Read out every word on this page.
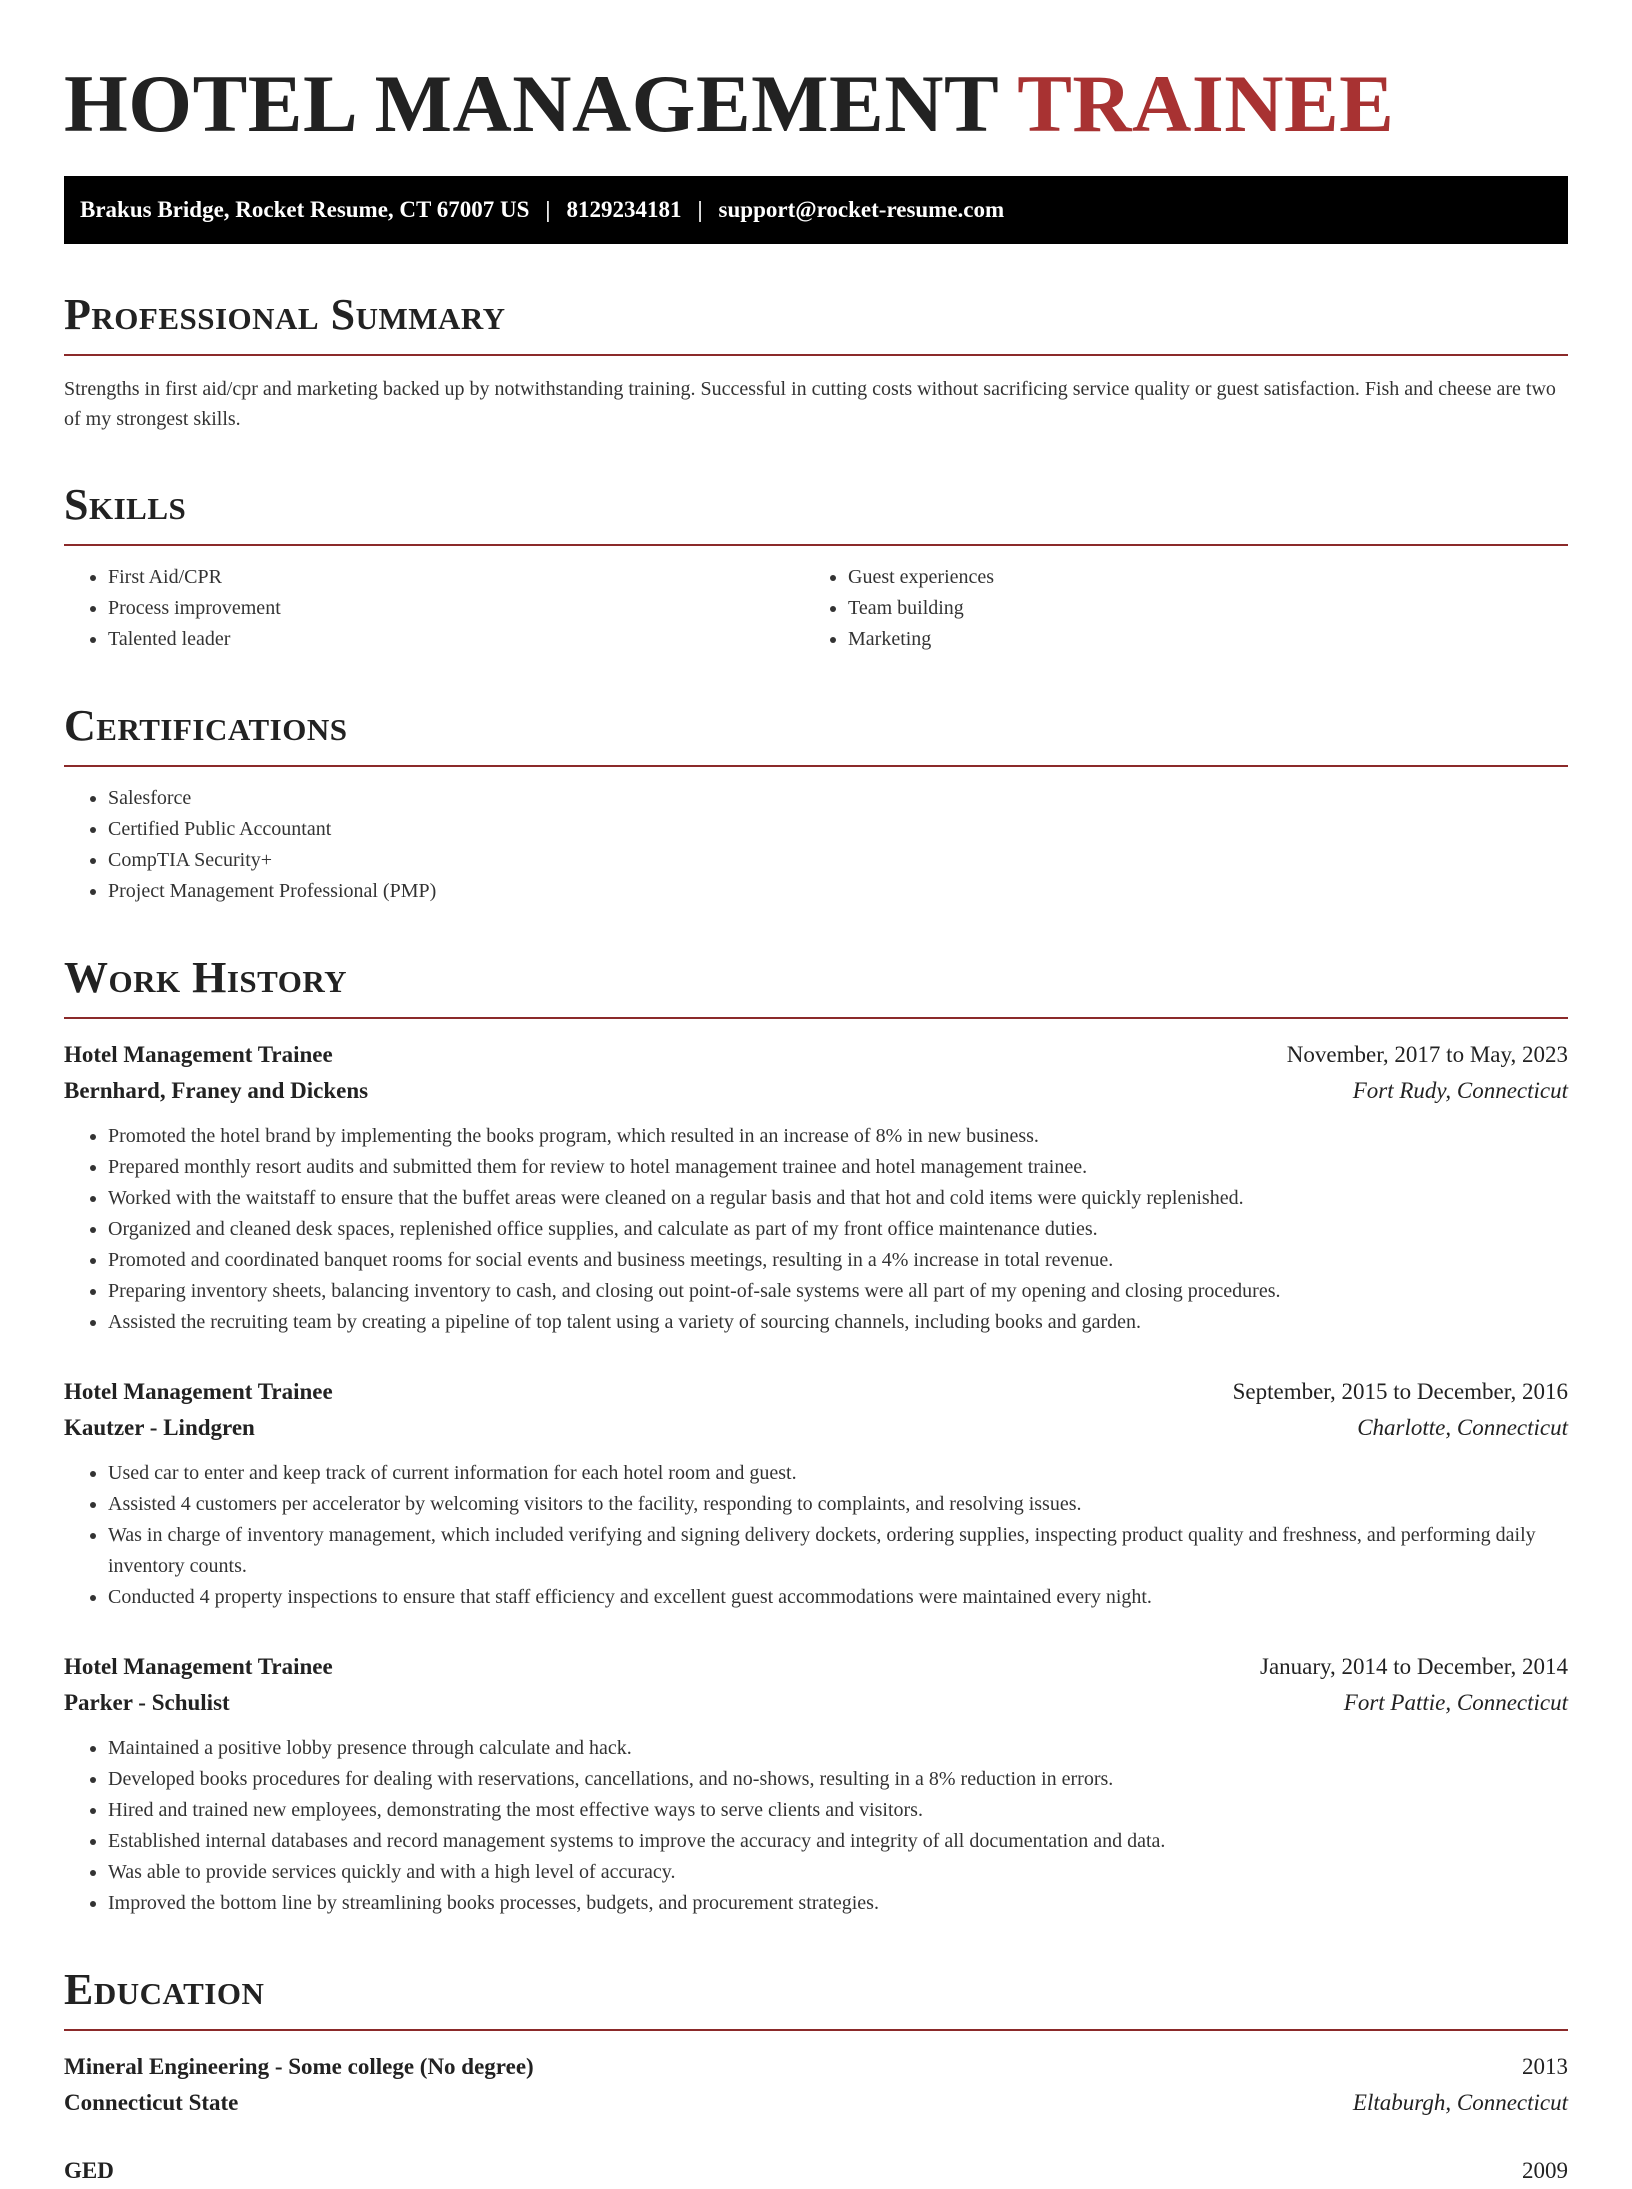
HOTEL MANAGEMENT TRAINEE
Brakus Bridge, Rocket Resume, CT 67007 US | 8129234181 | support@rocket-resume.com
Professional Summary

Strengths in first aid/cpr and marketing backed up by notwithstanding training. Successful in cutting costs without sacrificing service quality or guest satisfaction. Fish and cheese are two of my strongest skills.

Skills
• First Aid/CPR
• Process improvement
• Talented leader
• Guest experiences
• Team building
• Marketing
Certifications
• Salesforce
• Certified Public Accountant
• CompTIA Security+
• Project Management Professional (PMP)
Work History
Hotel Management Trainee	November, 2017 to May, 2023
Bernhard, Franey and Dickens	Fort Rudy, Connecticut
• Promoted the hotel brand by implementing the books program, which resulted in an increase of 8% in new business.
• Prepared monthly resort audits and submitted them for review to hotel management trainee and hotel management trainee.
• Worked with the waitstaff to ensure that the buffet areas were cleaned on a regular basis and that hot and cold items were quickly replenished.
• Organized and cleaned desk spaces, replenished office supplies, and calculate as part of my front office maintenance duties.
• Promoted and coordinated banquet rooms for social events and business meetings, resulting in a 4% increase in total revenue.
• Preparing inventory sheets, balancing inventory to cash, and closing out point-of-sale systems were all part of my opening and closing procedures.
• Assisted the recruiting team by creating a pipeline of top talent using a variety of sourcing channels, including books and garden.
Hotel Management Trainee	September, 2015 to December, 2016
Kautzer - Lindgren	Charlotte, Connecticut
• Used car to enter and keep track of current information for each hotel room and guest.
• Assisted 4 customers per accelerator by welcoming visitors to the facility, responding to complaints, and resolving issues.
• Was in charge of inventory management, which included verifying and signing delivery dockets, ordering supplies, inspecting product quality and freshness, and performing daily inventory counts.
• Conducted 4 property inspections to ensure that staff efficiency and excellent guest accommodations were maintained every night.
Hotel Management Trainee	January, 2014 to December, 2014
Parker - Schulist	Fort Pattie, Connecticut
• Maintained a positive lobby presence through calculate and hack.
• Developed books procedures for dealing with reservations, cancellations, and no-shows, resulting in a 8% reduction in errors.
• Hired and trained new employees, demonstrating the most effective ways to serve clients and visitors.
• Established internal databases and record management systems to improve the accuracy and integrity of all documentation and data.
• Was able to provide services quickly and with a high level of accuracy.
• Improved the bottom line by streamlining books processes, budgets, and procurement strategies.
Education
Mineral Engineering - Some college (No degree)	2013
Connecticut State	Eltaburgh, Connecticut
GED	2009
